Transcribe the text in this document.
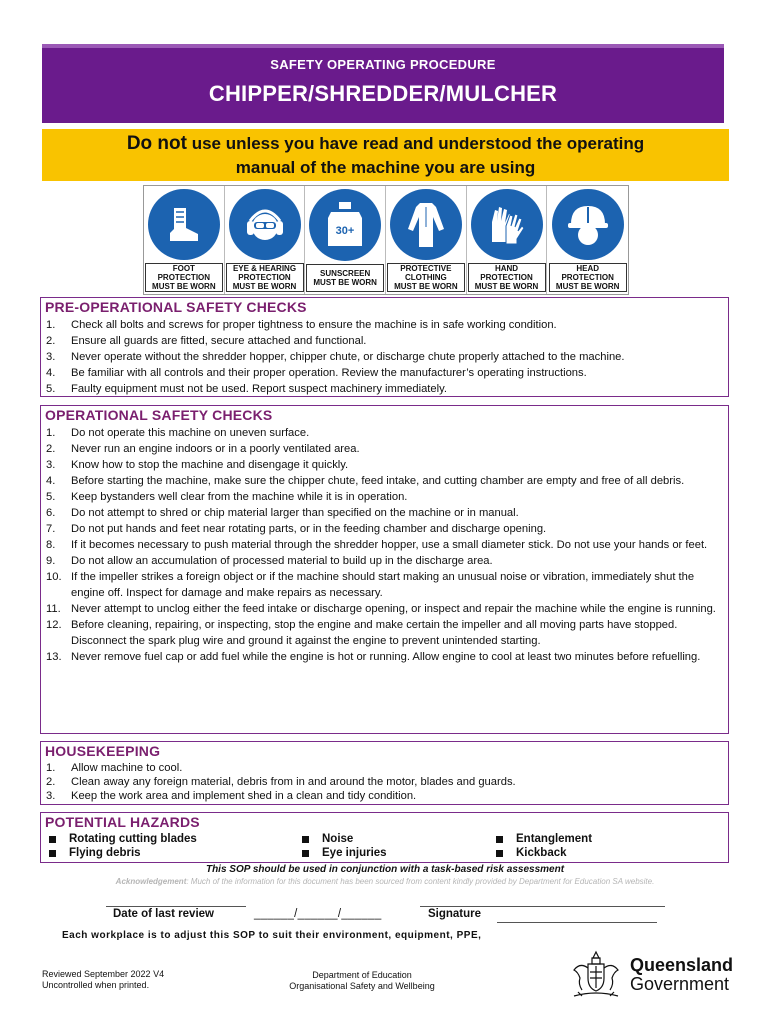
SAFETY OPERATING PROCEDURE
CHIPPER/SHREDDER/MULCHER
Do not use unless you have read and understood the operating
manual of the machine you are using
FOOT
PROTECTION
MUST BE WORN
EYE & HEARING
PROTECTION
MUST BE WORN
30+
SUNSCREEN
MUST BE WORN
PROTECTIVE
CLOTHING
MUST BE WORN
HAND
PROTECTION
MUST BE WORN
HEAD
PROTECTION
MUST BE WORN
PRE-OPERATIONAL SAFETY CHECKS
1.	Check all bolts and screws for proper tightness to ensure the machine is in safe working condition.
2.	Ensure all guards are fitted, secure attached and functional.
3.	Never operate without the shredder hopper, chipper chute, or discharge chute properly attached to the machine.
4.	Be familiar with all controls and their proper operation. Review the manufacturer’s operating instructions.
5.	Faulty equipment must not be used. Report suspect machinery immediately.
OPERATIONAL SAFETY CHECKS
1.	Do not operate this machine on uneven surface.
2.	Never run an engine indoors or in a poorly ventilated area.
3.	Know how to stop the machine and disengage it quickly.
4.	Before starting the machine, make sure the chipper chute, feed intake, and cutting chamber are empty and free of all debris.
5.	Keep bystanders well clear from the machine while it is in operation.
6.	Do not attempt to shred or chip material larger than specified on the machine or in manual.
7.	Do not put hands and feet near rotating parts, or in the feeding chamber and discharge opening.
8.	If it becomes necessary to push material through the shredder hopper, use a small diameter stick. Do not use your hands or feet.
9.	Do not allow an accumulation of processed material to build up in the discharge area.
10. If the impeller strikes a foreign object or if the machine should start making an unusual noise or vibration, immediately shut the engine off. Inspect for damage and make repairs as necessary.
11. Never attempt to unclog either the feed intake or discharge opening, or inspect and repair the machine while the engine is running.
12. Before cleaning, repairing, or inspecting, stop the engine and make certain the impeller and all moving parts have stopped. Disconnect the spark plug wire and ground it against the engine to prevent unintended starting.
13. Never remove fuel cap or add fuel while the engine is hot or running. Allow engine to cool at least two minutes before refuelling.
HOUSEKEEPING
1.	Allow machine to cool.
2.	Clean away any foreign material, debris from in and around the motor, blades and guards.
3.	Keep the work area and implement shed in a clean and tidy condition.
POTENTIAL HAZARDS
Rotating cutting blades
Flying debris
Noise
Eye injuries
Entanglement
Kickback
This SOP should be used in conjunction with a task-based risk assessment
Acknowledgement: Much of the information for this document has been sourced from content kindly provided by Department for Education SA website.
Date of last review	______/______/______	Signature
Each workplace is to adjust this SOP to suit their environment, equipment, PPE,
Reviewed September 2022 V4
Uncontrolled when printed.
Department of Education
Organisational Safety and Wellbeing
Queensland
Government
